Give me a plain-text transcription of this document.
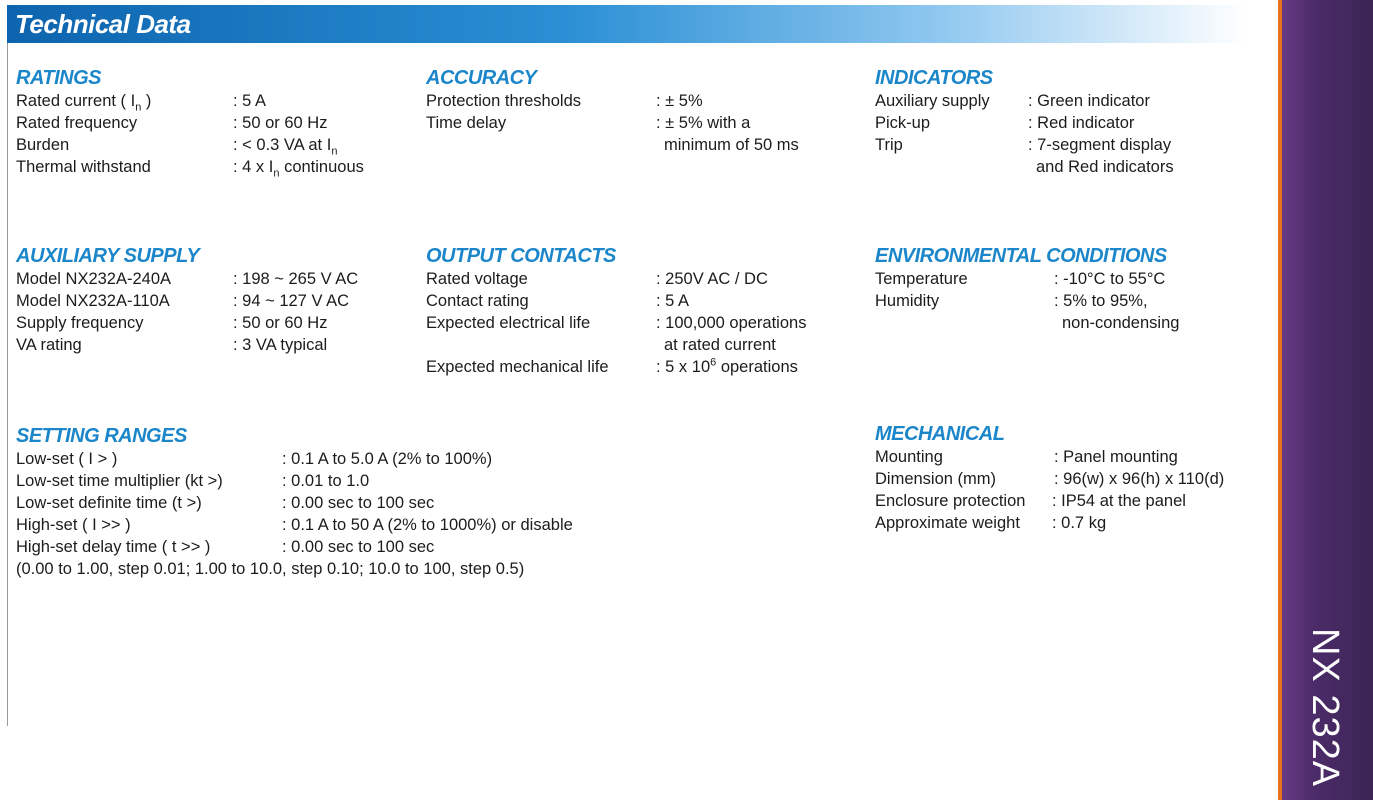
Technical Data
NX 232A
RATINGS
Rated current ( $I_n$ )	: 5 A
Rated frequency	: 50 or 60 Hz
Burden	: < 0.3 VA at $I_n$
Thermal withstand	: 4 x $I_n$ continuous
ACCURACY
Protection thresholds	: ± 5%
Time delay	: ± 5% with a
minimum of 50 ms
INDICATORS
Auxiliary supply : Green indicator
Pick-up	: Red indicator
Trip	: 7-segment display
and Red indicators
AUXILIARY SUPPLY
Model NX232A-240A	: 198 ~ 265 V AC
Model NX232A-110A	: 94 ~ 127 V AC
Supply frequency	: 50 or 60 Hz
VA rating	: 3 VA typical
OUTPUT CONTACTS
Rated voltage	: 250V AC / DC
Contact rating	: 5 A
Expected electrical life	: 100,000 operations
at rated current
Expected mechanical life	: 5 x $10^6$ operations
ENVIRONMENTAL CONDITIONS
Temperature	: -10°C to 55°C
Humidity	: 5% to 95%,
non-condensing
SETTING RANGES
Low-set ( I > )	: 0.1 A to 5.0 A (2% to 100%)
Low-set time multiplier (kt >)	: 0.01 to 1.0
Low-set definite time (t >)	: 0.00 sec to 100 sec
High-set ( I >> )	: 0.1 A to 50 A (2% to 1000%) or disable
High-set delay time ( t >> )	: 0.00 sec to 100 sec
(0.00 to 1.00, step 0.01; 1.00 to 10.0, step 0.10; 10.0 to 100, step 0.5)
MECHANICAL
Mounting	: Panel mounting
Dimension (mm)	: 96(w) x 96(h) x 110(d)
Enclosure protection : IP54 at the panel
Approximate weight : 0.7 kg
